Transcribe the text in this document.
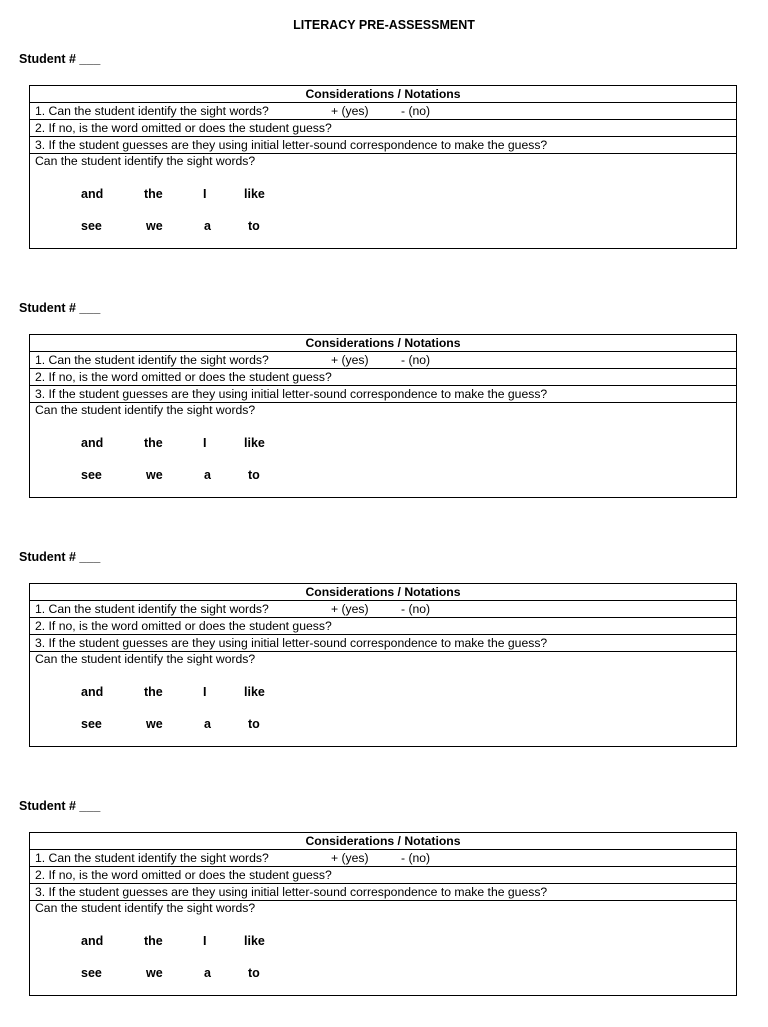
LITERACY PRE-ASSESSMENT
Student # ___
Considerations / Notations
1. Can the student identify the sight words?	+ (yes)	- (no)
2. If no, is the word omitted or does the student guess?
3. If the student guesses are they using initial letter-sound correspondence to make the guess?
Can the student identify the sight words?
and	the	I	like
see	we	a	to
Student # ___
Considerations / Notations
1. Can the student identify the sight words?	+ (yes)	- (no)
2. If no, is the word omitted or does the student guess?
3. If the student guesses are they using initial letter-sound correspondence to make the guess?
Can the student identify the sight words?
and	the	I	like
see	we	a	to
Student # ___
Considerations / Notations
1. Can the student identify the sight words?	+ (yes)	- (no)
2. If no, is the word omitted or does the student guess?
3. If the student guesses are they using initial letter-sound correspondence to make the guess?
Can the student identify the sight words?
and	the	I	like
see	we	a	to
Student # ___
Considerations / Notations
1. Can the student identify the sight words?	+ (yes)	- (no)
2. If no, is the word omitted or does the student guess?
3. If the student guesses are they using initial letter-sound correspondence to make the guess?
Can the student identify the sight words?
and	the	I	like
see	we	a	to
